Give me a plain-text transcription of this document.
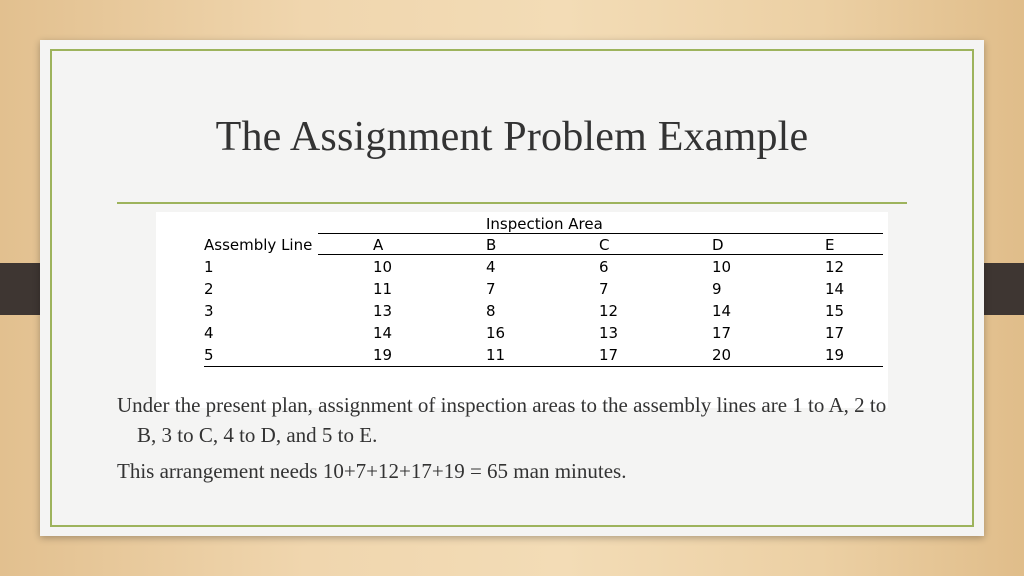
The Assignment Problem Example
Inspection Area
Assembly Line	A	B	C	D	E
1	10	4	6	10	12
2	11	7	7	9	14
3	13	8	12	14	15
4	14	16	13	17	17
5	19	11	17	20	19

Under the present plan, assignment of inspection areas to the assembly lines are 1 to A, 2 to B, 3 to C, 4 to D, and 5 to E.

This arrangement needs 10+7+12+17+19 = 65 man minutes.
